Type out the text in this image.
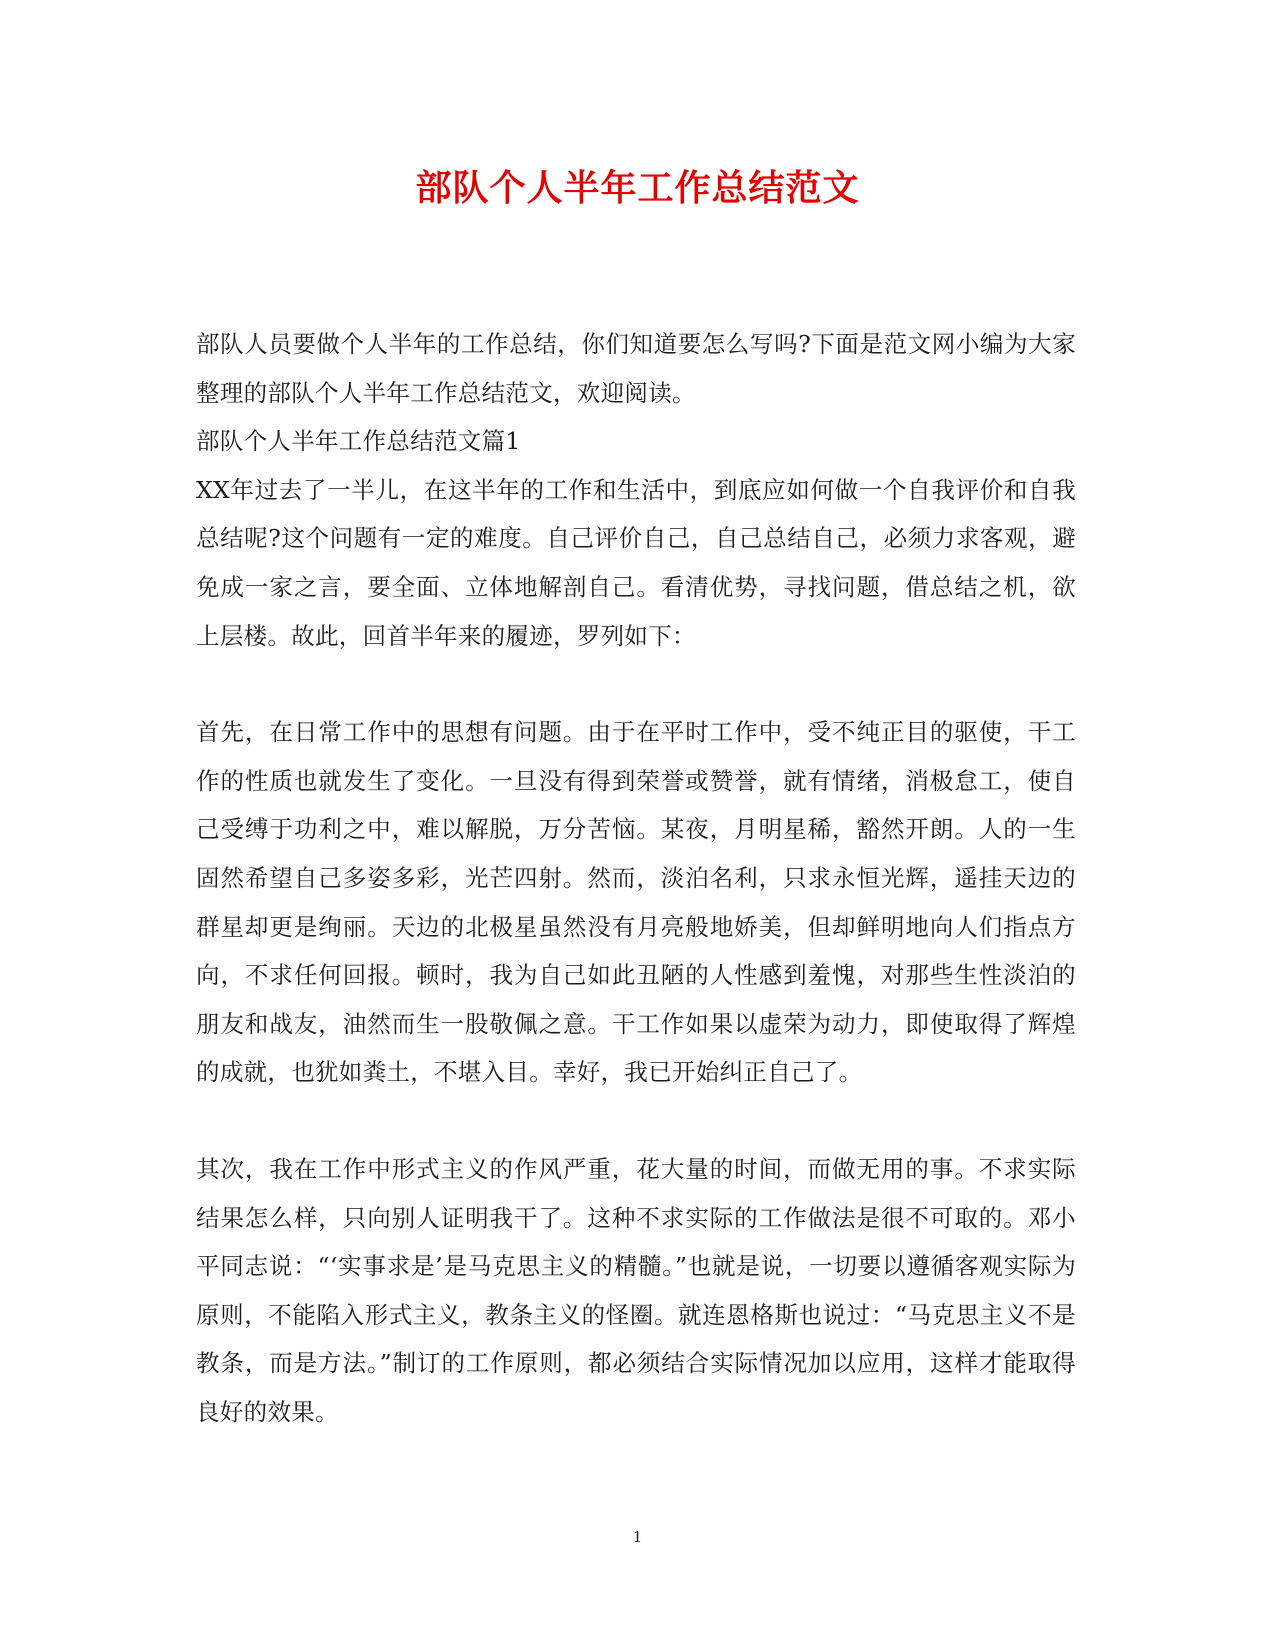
部队个人半年工作总结范文

部队人员要做个人半年的工作总结，你们知道要怎么写吗?下面是范文网小编为大家整理的部队个人半年工作总结范文，欢迎阅读。

部队个人半年工作总结范文篇1

XX年过去了一半儿，在这半年的工作和生活中，到底应如何做一个自我评价和自我总结呢?这个问题有一定的难度。自己评价自己，自己总结自己，必须力求客观，避免成一家之言，要全面、立体地解剖自己。看清优势，寻找问题，借总结之机，欲上层楼。故此，回首半年来的履迹，罗列如下：

首先，在日常工作中的思想有问题。由于在平时工作中，受不纯正目的驱使，干工作的性质也就发生了变化。一旦没有得到荣誉或赞誉，就有情绪，消极怠工，使自己受缚于功利之中，难以解脱，万分苦恼。某夜，月明星稀，豁然开朗。人的一生固然希望自己多姿多彩，光芒四射。然而，淡泊名利，只求永恒光辉，遥挂天边的群星却更是绚丽。天边的北极星虽然没有月亮般地娇美，但却鲜明地向人们指点方向，不求任何回报。顿时，我为自己如此丑陋的人性感到羞愧，对那些生性淡泊的朋友和战友，油然而生一股敬佩之意。干工作如果以虚荣为动力，即使取得了辉煌的成就，也犹如粪土，不堪入目。幸好，我已开始纠正自己了。

其次，我在工作中形式主义的作风严重，花大量的时间，而做无用的事。不求实际结果怎么样，只向别人证明我干了。这种不求实际的工作做法是很不可取的。邓小平同志说：“‘实事求是’是马克思主义的精髓。”也就是说，一切要以遵循客观实际为原则，不能陷入形式主义，教条主义的怪圈。就连恩格斯也说过：“马克思主义不是教条，而是方法。”制订的工作原则，都必须结合实际情况加以应用，这样才能取得良好的效果。

1
